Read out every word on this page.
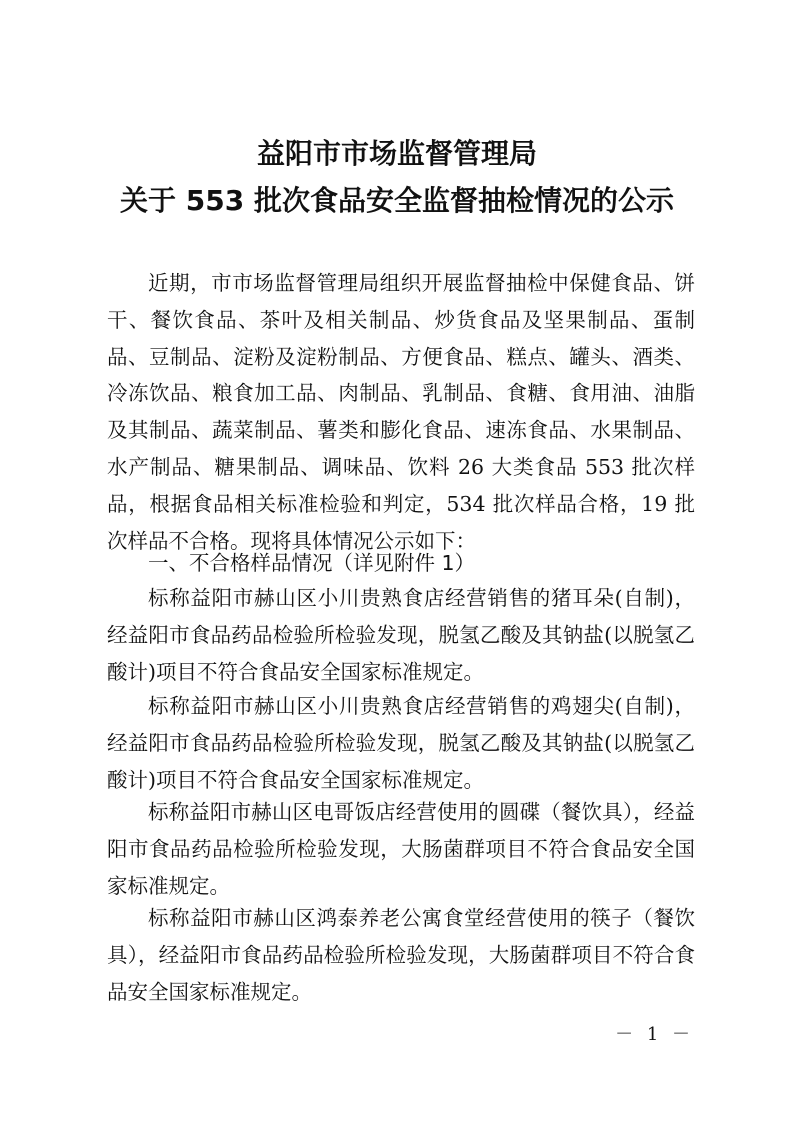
益阳市市场监督管理局
关于 553 批次食品安全监督抽检情况的公示

近期，市市场监督管理局组织开展监督抽检中保健食品、饼干、餐饮食品、茶叶及相关制品、炒货食品及坚果制品、蛋制品、豆制品、淀粉及淀粉制品、方便食品、糕点、罐头、酒类、冷冻饮品、粮食加工品、肉制品、乳制品、食糖、食用油、油脂及其制品、蔬菜制品、薯类和膨化食品、速冻食品、水果制品、水产制品、糖果制品、调味品、饮料 26 大类食品 553 批次样品，根据食品相关标准检验和判定，534 批次样品合格，19 批次样品不合格。现将具体情况公示如下：

一、不合格样品情况（详见附件 1）

标称益阳市赫山区小川贵熟食店经营销售的猪耳朵(自制)，经益阳市食品药品检验所检验发现，脱氢乙酸及其钠盐(以脱氢乙酸计)项目不符合食品安全国家标准规定。

标称益阳市赫山区小川贵熟食店经营销售的鸡翅尖(自制)，经益阳市食品药品检验所检验发现，脱氢乙酸及其钠盐(以脱氢乙酸计)项目不符合食品安全国家标准规定。

标称益阳市赫山区电哥饭店经营使用的圆碟（餐饮具），经益阳市食品药品检验所检验发现，大肠菌群项目不符合食品安全国家标准规定。

标称益阳市赫山区鸿泰养老公寓食堂经营使用的筷子（餐饮具），经益阳市食品药品检验所检验发现，大肠菌群项目不符合食品安全国家标准规定。

－ 1 －
